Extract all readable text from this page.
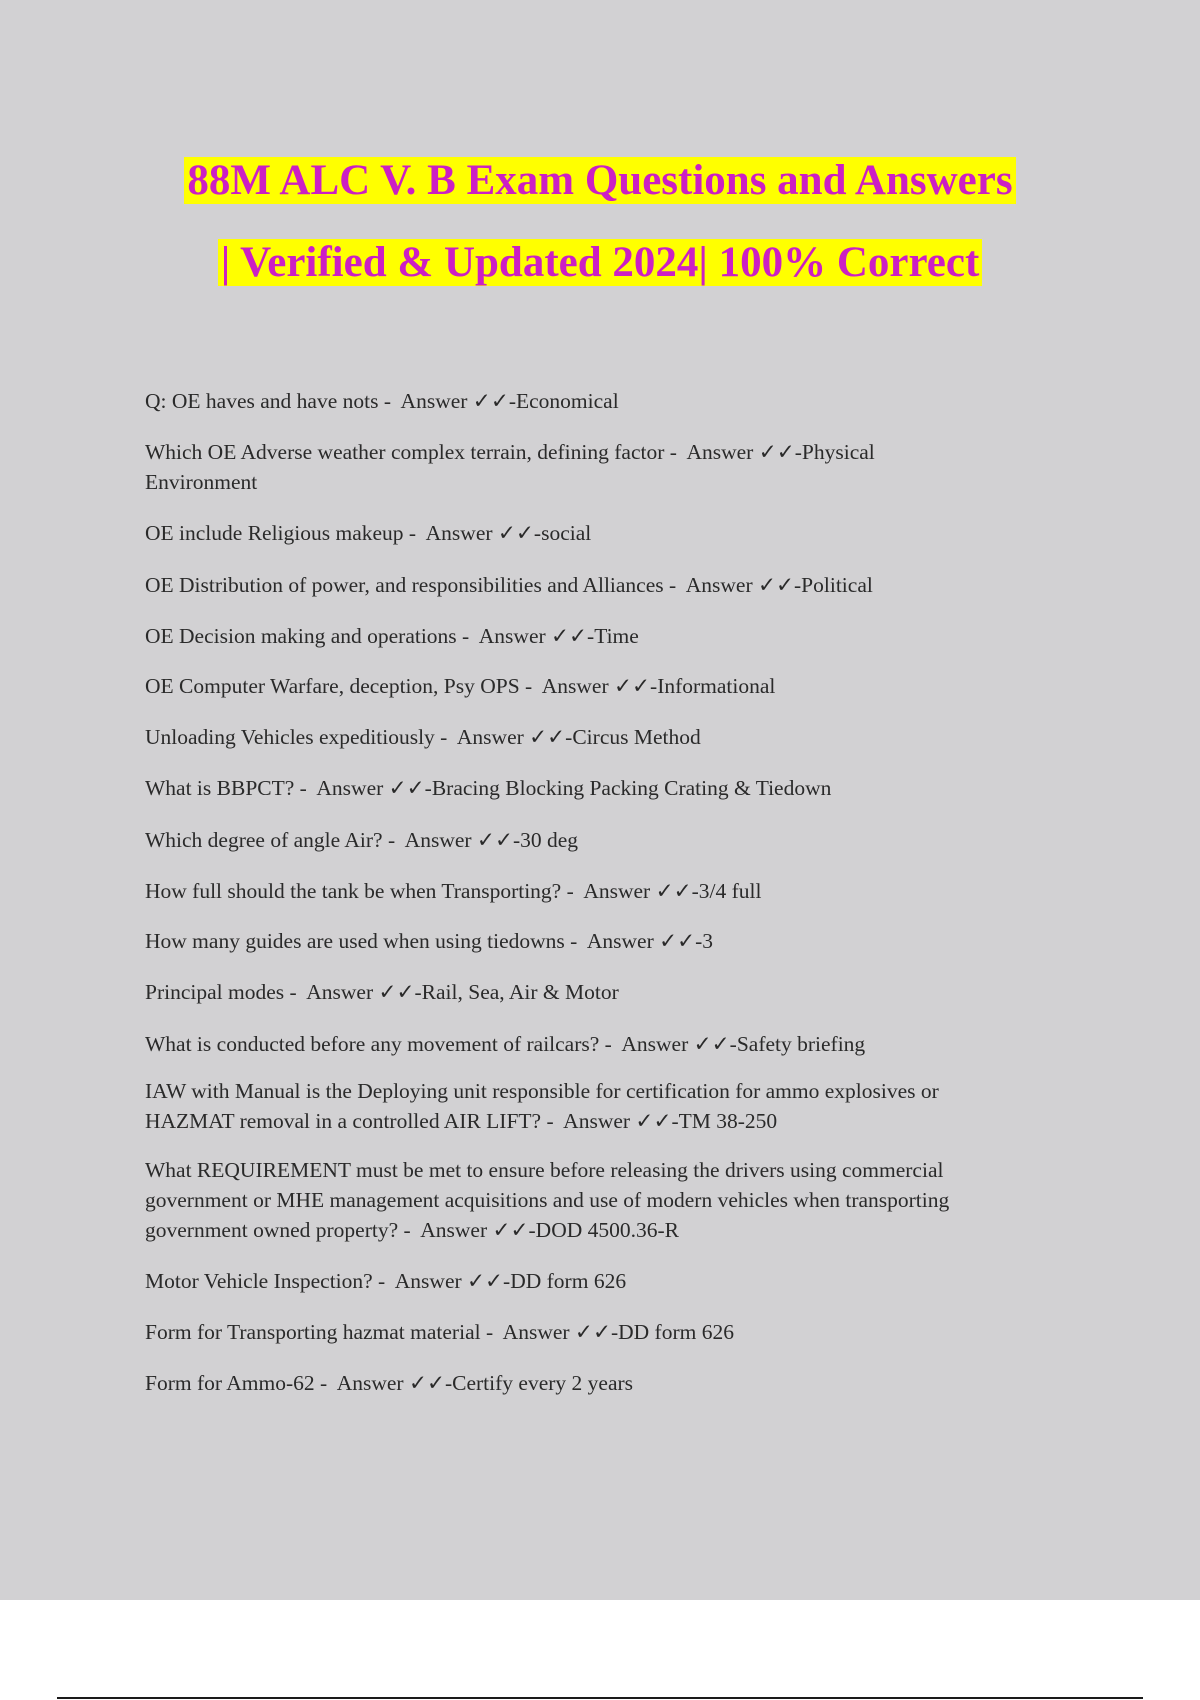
88M ALC V. B Exam Questions and Answers
| Verified & Updated 2024| 100% Correct

Q: OE haves and have nots -  Answer ✓✓-Economical

Which OE Adverse weather complex terrain, defining factor -  Answer ✓✓-Physical
Environment

OE include Religious makeup -  Answer ✓✓-social

OE Distribution of power, and responsibilities and Alliances -  Answer ✓✓-Political

OE Decision making and operations -  Answer ✓✓-Time

OE Computer Warfare, deception, Psy OPS -  Answer ✓✓-Informational

Unloading Vehicles expeditiously -  Answer ✓✓-Circus Method

What is BBPCT? -  Answer ✓✓-Bracing Blocking Packing Crating & Tiedown

Which degree of angle Air? -  Answer ✓✓-30 deg

How full should the tank be when Transporting? -  Answer ✓✓-3/4 full

How many guides are used when using tiedowns -  Answer ✓✓-3

Principal modes -  Answer ✓✓-Rail, Sea, Air & Motor

What is conducted before any movement of railcars? -  Answer ✓✓-Safety briefing

IAW with Manual is the Deploying unit responsible for certification for ammo explosives or
HAZMAT removal in a controlled AIR LIFT? -  Answer ✓✓-TM 38-250

What REQUIREMENT must be met to ensure before releasing the drivers using commercial
government or MHE management acquisitions and use of modern vehicles when transporting
government owned property? -  Answer ✓✓-DOD 4500.36-R

Motor Vehicle Inspection? -  Answer ✓✓-DD form 626

Form for Transporting hazmat material -  Answer ✓✓-DD form 626

Form for Ammo-62 -  Answer ✓✓-Certify every 2 years
